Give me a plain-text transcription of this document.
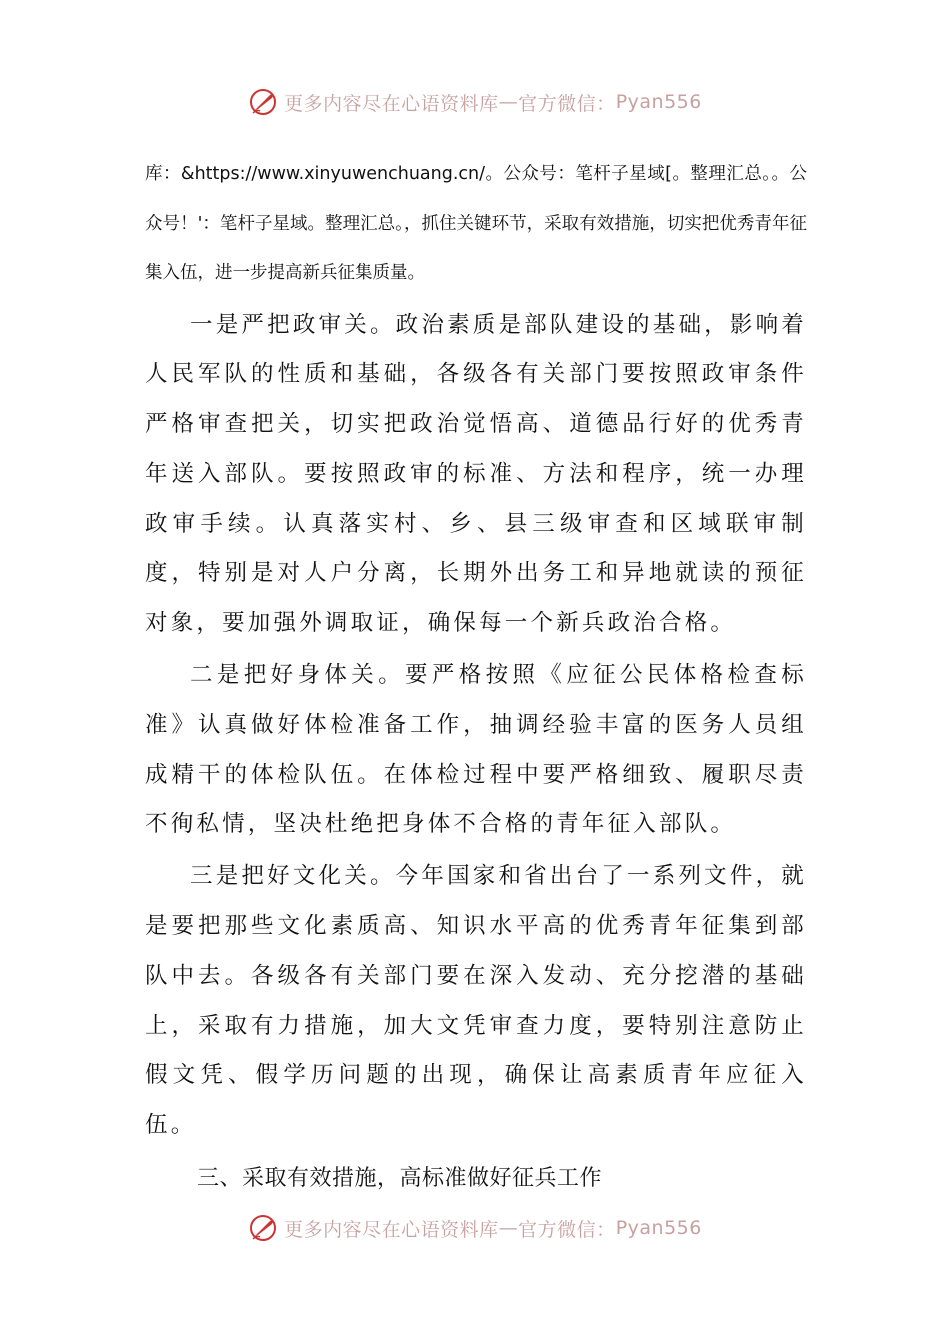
更多内容尽在心语资料库 — 官方微信： Pyan556

库：&https://www.xinyuwenchuang.cn/。公众号：笔杆子星域[。整理汇总。。公众号！'：笔杆子星域。整理汇总。，抓住关键环节，采取有效措施，切实把优秀青年征集入伍，进一步提高新兵征集质量。

一是严把政审关。政治素质是部队建设的基础，影响着人民军队的性质和基础，各级各有关部门要按照政审条件严格审查把关，切实把政治觉悟高、道德品行好的优秀青年送入部队。要按照政审的标准、方法和程序，统一办理政审手续。认真落实村、乡、县三级审查和区域联审制度，特别是对人户分离，长期外出务工和异地就读的预征对象，要加强外调取证，确保每一个新兵政治合格。

二是把好身体关。要严格按照《应征公民体格检查标准》认真做好体检准备工作，抽调经验丰富的医务人员组成精干的体检队伍。在体检过程中要严格细致、履职尽责不徇私情，坚决杜绝把身体不合格的青年征入部队。

三是把好文化关。今年国家和省出台了一系列文件，就是要把那些文化素质高、知识水平高的优秀青年征集到部队中去。各级各有关部门要在深入发动、充分挖潜的基础上，采取有力措施，加大文凭审查力度，要特别注意防止假文凭、假学历问题的出现，确保让高素质青年应征入伍。

三、采取有效措施，高标准做好征兵工作
更多内容尽在心语资料库 — 官方微信： Pyan556
